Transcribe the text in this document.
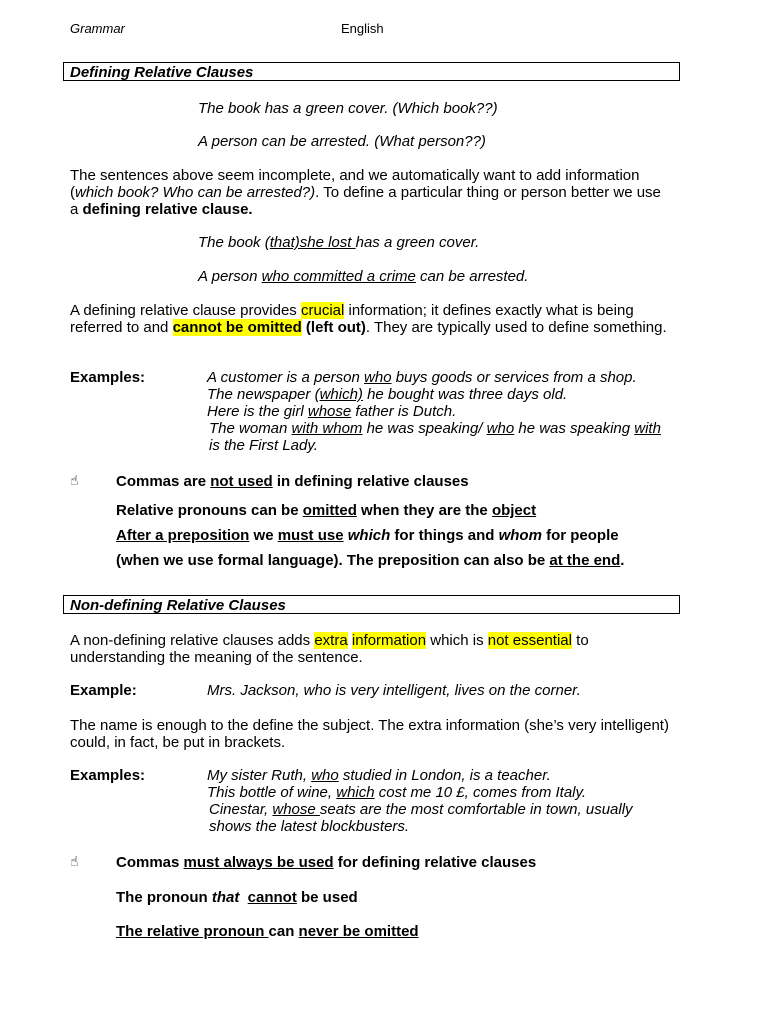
Grammar	English
Defining Relative Clauses
The book has a green cover. (Which book??)
A person can be arrested. (What person??)
The sentences above seem incomplete, and we automatically want to add information (which book? Who can be arrested?). To define a particular thing or person better we use a defining relative clause.
The book (that)she lost has a green cover.
A person who committed a crime can be arrested.
A defining relative clause provides crucial information; it defines exactly what is being referred to and cannot be omitted (left out). They are typically used to define something.
Examples:	A customer is a person who buys goods or services from a shop.
The newspaper (which) he bought was three days old.
Here is the girl whose father is Dutch.
The woman with whom he was speaking/ who he was speaking with
is the First Lady.
☝ Commas are not used in defining relative clauses
Relative pronouns can be omitted when they are the object
After a preposition we must use which for things and whom for people
(when we use formal language). The preposition can also be at the end.
Non-defining Relative Clauses
A non-defining relative clauses adds extra information which is not essential to understanding the meaning of the sentence.
Example:	Mrs. Jackson, who is very intelligent, lives on the corner.
The name is enough to the define the subject. The extra information (she’s very intelligent) could, in fact, be put in brackets.
Examples:	My sister Ruth, who studied in London, is a teacher.
This bottle of wine, which cost me 10 £, comes from Italy.
Cinestar, whose seats are the most comfortable in town, usually
shows the latest blockbusters.
☝ Commas must always be used for defining relative clauses
The pronoun that cannot be used
The relative pronoun can never be omitted
